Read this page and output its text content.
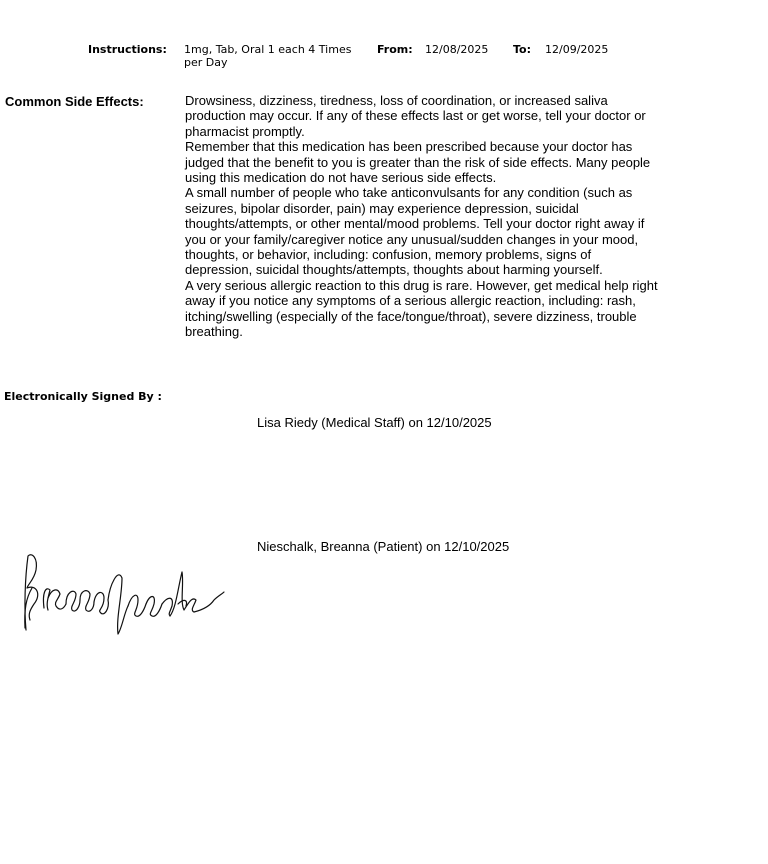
Instructions: 1mg, Tab, Oral 1 each 4 Times per Day
From: 12/08/2025 To: 12/09/2025
Common Side Effects:	Drowsiness, dizziness, tiredness, loss of coordination, or increased saliva production may occur. If any of these effects last or get worse, tell your doctor or pharmacist promptly.

Remember that this medication has been prescribed because your doctor has judged that the benefit to you is greater than the risk of side effects. Many people using this medication do not have serious side effects.

A small number of people who take anticonvulsants for any condition (such as seizures, bipolar disorder, pain) may experience depression, suicidal thoughts/attempts, or other mental/mood problems. Tell your doctor right away if you or your family/caregiver notice any unusual/sudden changes in your mood, thoughts, or behavior, including: confusion, memory problems, signs of depression, suicidal thoughts/attempts, thoughts about harming yourself.

A very serious allergic reaction to this drug is rare. However, get medical help right away if you notice any symptoms of a serious allergic reaction, including: rash, itching/swelling (especially of the face/tongue/throat), severe dizziness, trouble breathing.

Electronically Signed By :
Lisa Riedy (Medical Staff) on 12/10/2025
Nieschalk, Breanna (Patient) on 12/10/2025
